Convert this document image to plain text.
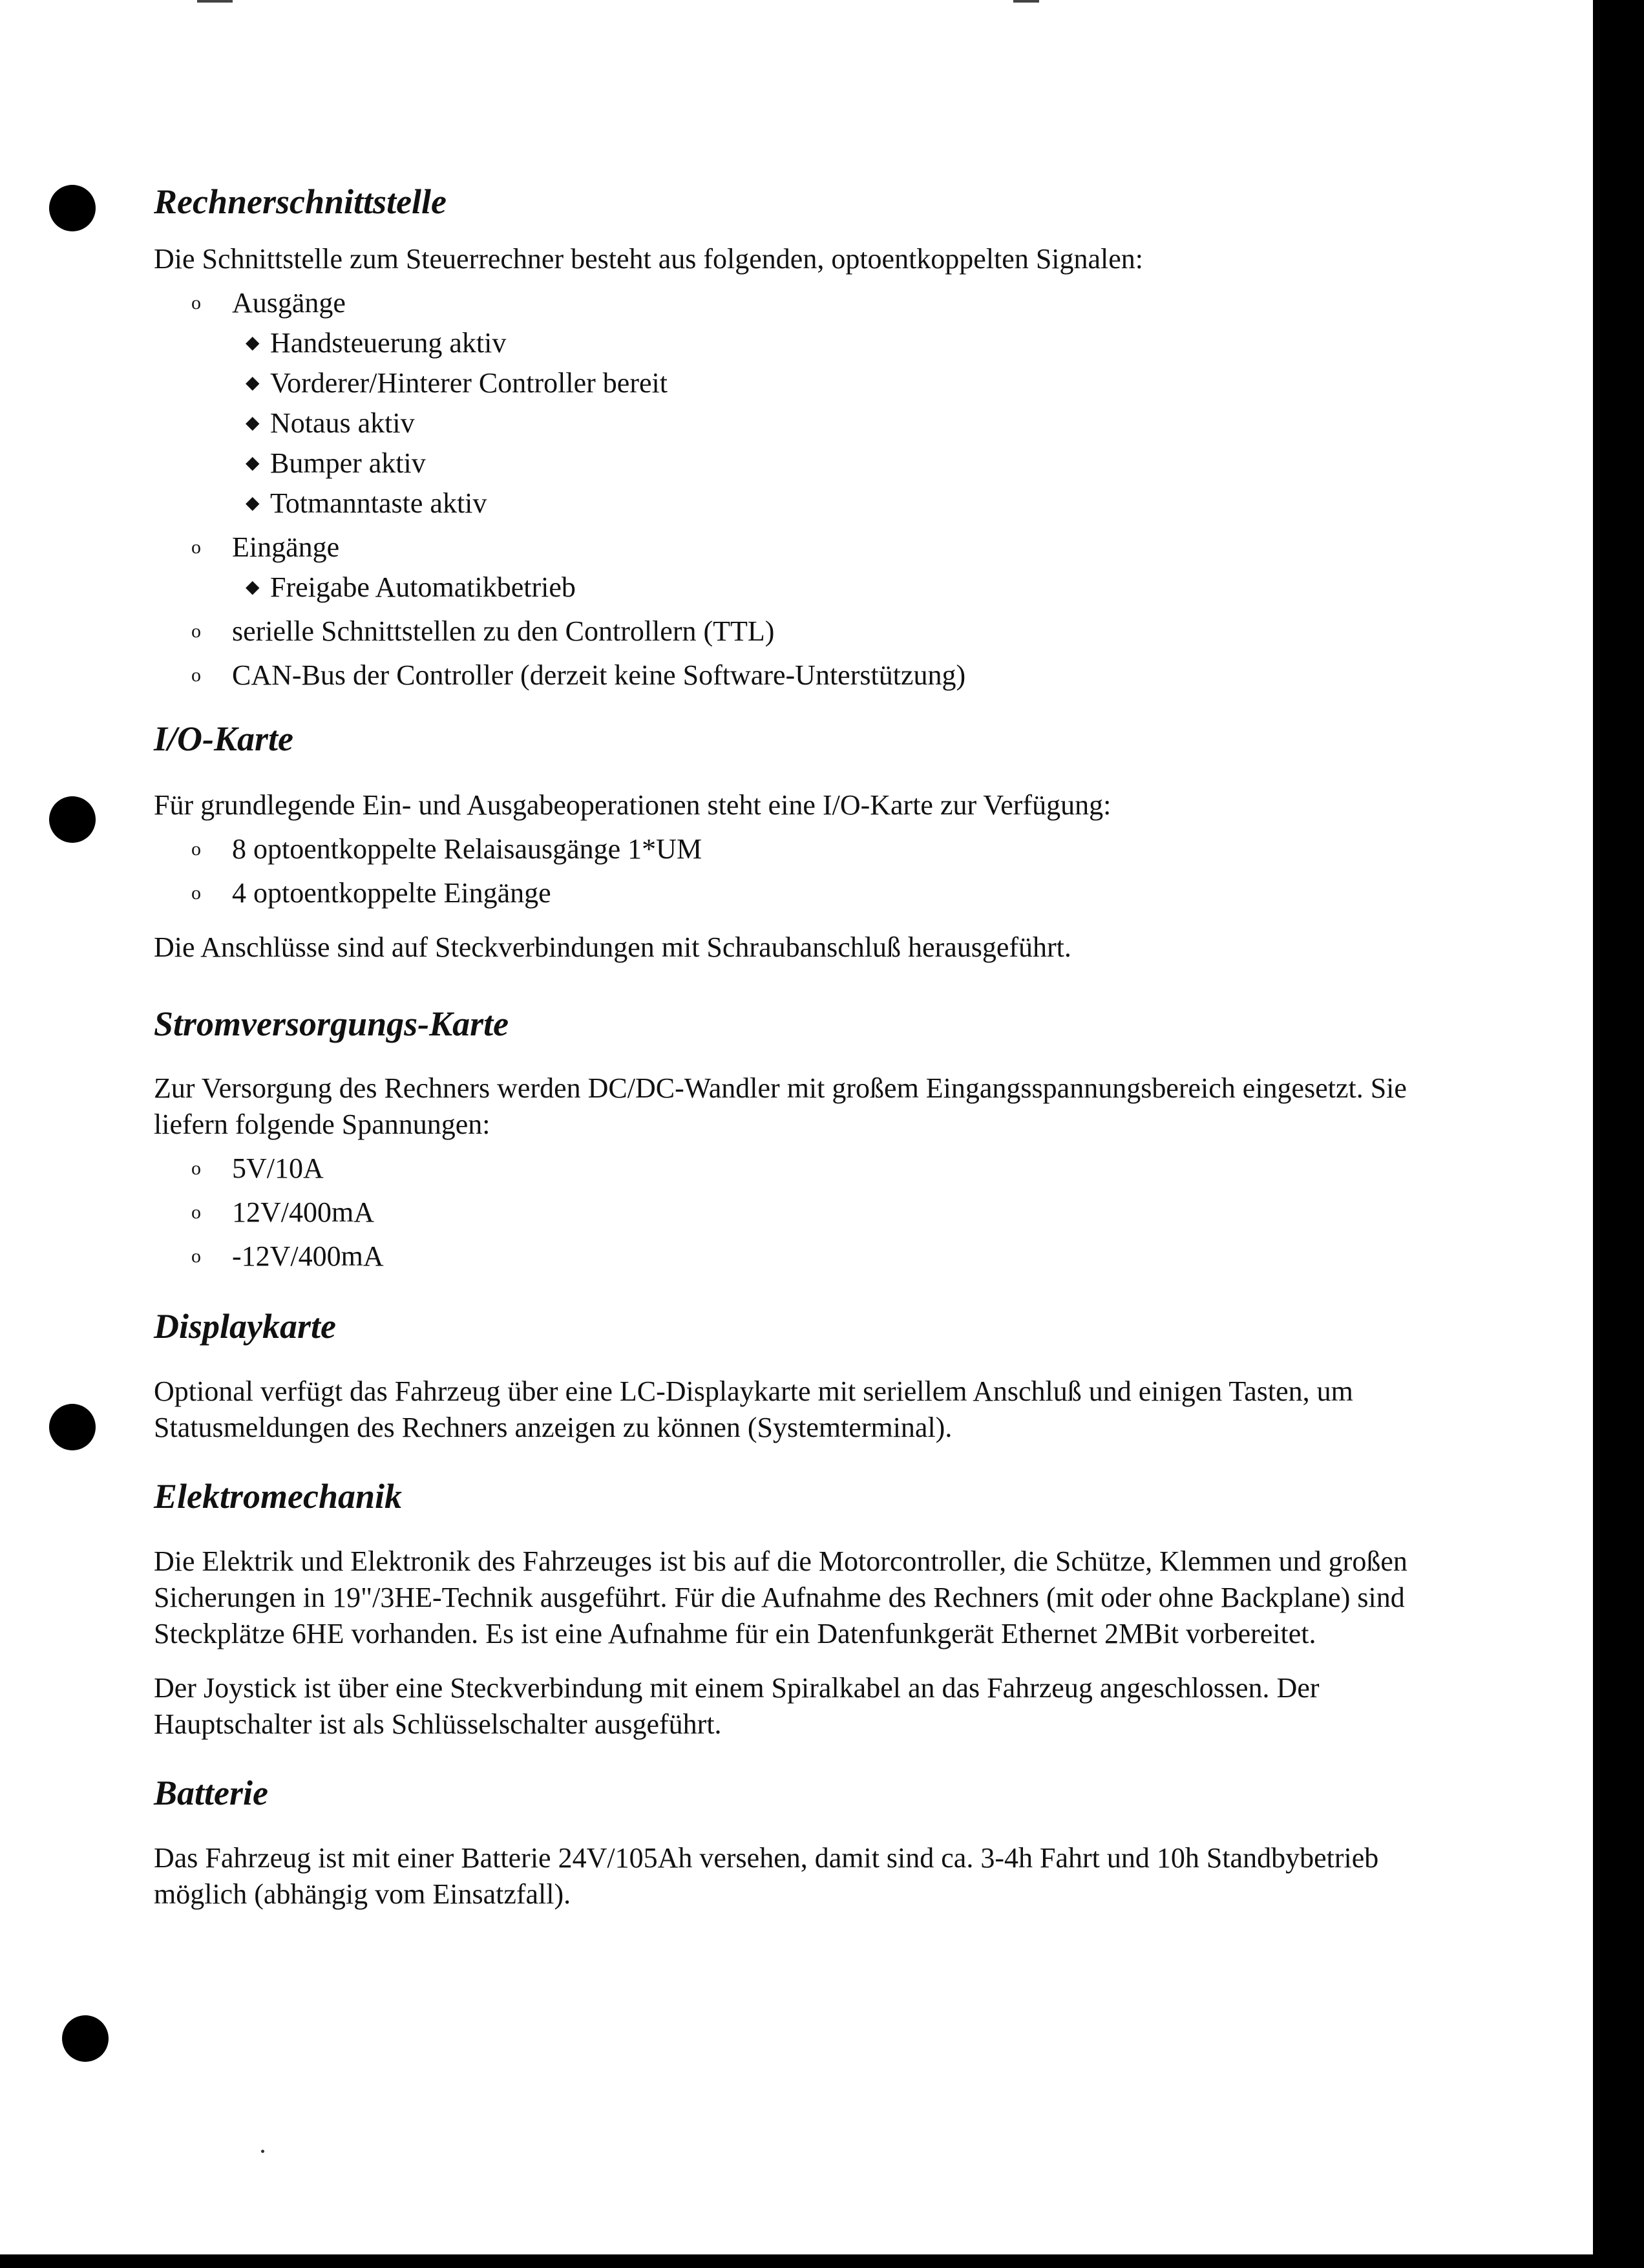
Rechnerschnittstelle

Die Schnittstelle zum Steuerrechner besteht aus folgenden, optoentkoppelten Signalen:

o Ausgänge
◆ Handsteuerung aktiv
◆ Vorderer/Hinterer Controller bereit
◆ Notaus aktiv
◆ Bumper aktiv
◆ Totmanntaste aktiv
o Eingänge
◆ Freigabe Automatikbetrieb
o serielle Schnittstellen zu den Controllern (TTL)
o CAN-Bus der Controller (derzeit keine Software-Unterstützung)
I/O-Karte

Für grundlegende Ein- und Ausgabeoperationen steht eine I/O-Karte zur Verfügung:

o 8 optoentkoppelte Relaisausgänge 1*UM
o 4 optoentkoppelte Eingänge

Die Anschlüsse sind auf Steckverbindungen mit Schraubanschluß herausgeführt.

Stromversorgungs-Karte

Zur Versorgung des Rechners werden DC/DC-Wandler mit großem Eingangsspannungsbereich eingesetzt. Sie liefern folgende Spannungen:

o 5V/10A
o 12V/400mA
o -12V/400mA
Displaykarte

Optional verfügt das Fahrzeug über eine LC-Displaykarte mit seriellem Anschluß und einigen Tasten, um Statusmeldungen des Rechners anzeigen zu können (Systemterminal).

Elektromechanik

Die Elektrik und Elektronik des Fahrzeuges ist bis auf die Motorcontroller, die Schütze, Klemmen und großen Sicherungen in 19"/3HE-Technik ausgeführt. Für die Aufnahme des Rechners (mit oder ohne Backplane) sind Steckplätze 6HE vorhanden. Es ist eine Aufnahme für ein Datenfunkgerät Ethernet 2MBit vorbereitet.

Der Joystick ist über eine Steckverbindung mit einem Spiralkabel an das Fahrzeug angeschlossen. Der Hauptschalter ist als Schlüsselschalter ausgeführt.

Batterie

Das Fahrzeug ist mit einer Batterie 24V/105Ah versehen, damit sind ca. 3-4h Fahrt und 10h Standbybetrieb möglich (abhängig vom Einsatzfall).
